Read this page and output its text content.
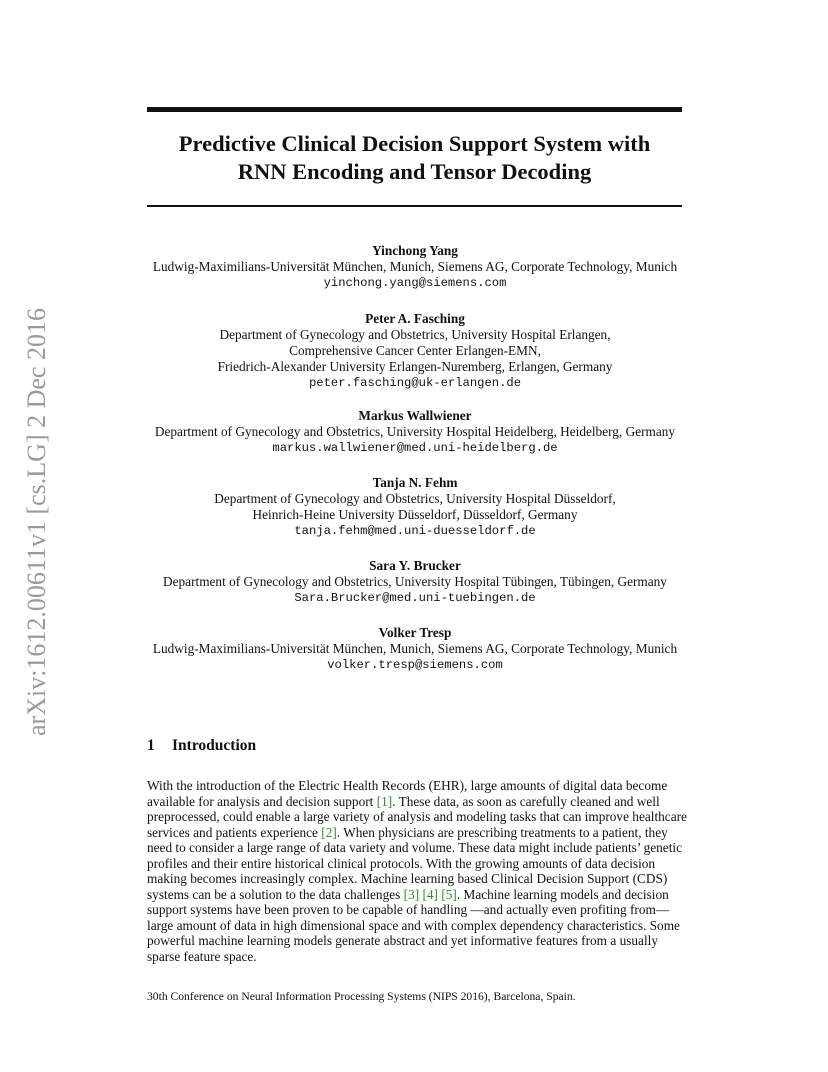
arXiv:1612.00611v1 [cs.LG] 2 Dec 2016
Predictive Clinical Decision Support System with
RNN Encoding and Tensor Decoding
Yinchong Yang
Ludwig-Maximilians-Universität München, Munich, Siemens AG, Corporate Technology, Munich
yinchong.yang@siemens.com
Peter A. Fasching
Department of Gynecology and Obstetrics, University Hospital Erlangen,
Comprehensive Cancer Center Erlangen-EMN,
Friedrich-Alexander University Erlangen-Nuremberg, Erlangen, Germany
peter.fasching@uk-erlangen.de
Markus Wallwiener
Department of Gynecology and Obstetrics, University Hospital Heidelberg, Heidelberg, Germany
markus.wallwiener@med.uni-heidelberg.de
Tanja N. Fehm
Department of Gynecology and Obstetrics, University Hospital Düsseldorf,
Heinrich-Heine University Düsseldorf, Düsseldorf, Germany
tanja.fehm@med.uni-duesseldorf.de
Sara Y. Brucker
Department of Gynecology and Obstetrics, University Hospital Tübingen, Tübingen, Germany
Sara.Brucker@med.uni-tuebingen.de
Volker Tresp
Ludwig-Maximilians-Universität München, Munich, Siemens AG, Corporate Technology, Munich
volker.tresp@siemens.com
1 Introduction
With the introduction of the Electric Health Records (EHR), large amounts of digital data become
available for analysis and decision support [1]. These data, as soon as carefully cleaned and well
preprocessed, could enable a large variety of analysis and modeling tasks that can improve healthcare
services and patients experience [2]. When physicians are prescribing treatments to a patient, they
need to consider a large range of data variety and volume. These data might include patients’ genetic
profiles and their entire historical clinical protocols. With the growing amounts of data decision
making becomes increasingly complex. Machine learning based Clinical Decision Support (CDS)
systems can be a solution to the data challenges [3] [4] [5]. Machine learning models and decision
support systems have been proven to be capable of handling —and actually even profiting from—
large amount of data in high dimensional space and with complex dependency characteristics. Some
powerful machine learning models generate abstract and yet informative features from a usually
sparse feature space.
30th Conference on Neural Information Processing Systems (NIPS 2016), Barcelona, Spain.
